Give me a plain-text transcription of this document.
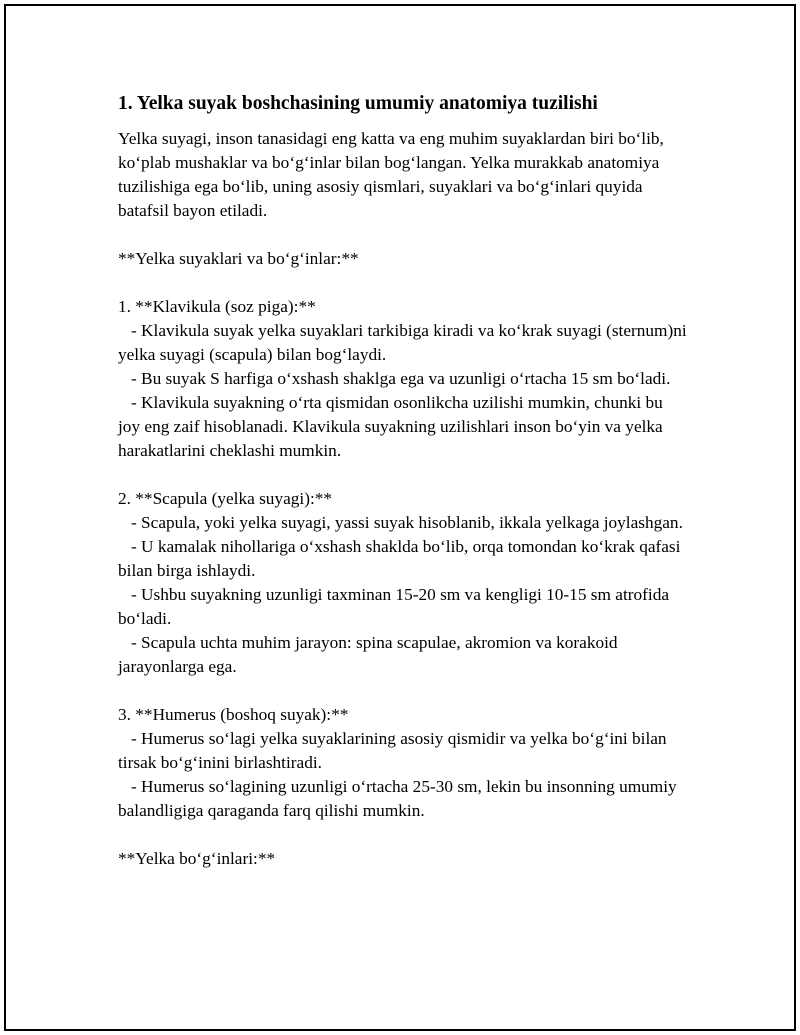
1. Yelka suyak boshchasining umumiy anatomiya tuzilishi

Yelka suyagi, inson tanasidagi eng katta va eng muhim suyaklardan biri bo‘lib, ko‘plab mushaklar va bo‘g‘inlar bilan bog‘langan. Yelka murakkab anatomiya tuzilishiga ega bo‘lib, uning asosiy qismlari, suyaklari va bo‘g‘inlari quyida batafsil bayon etiladi.

**Yelka suyaklari va bo‘g‘inlar:**

1. **Klavikula (soz piga):**

- Klavikula suyak yelka suyaklari tarkibiga kiradi va ko‘krak suyagi (sternum)ni yelka suyagi (scapula) bilan bog‘laydi.

- Bu suyak S harfiga o‘xshash shaklga ega va uzunligi o‘rtacha 15 sm bo‘ladi.

- Klavikula suyakning o‘rta qismidan osonlikcha uzilishi mumkin, chunki bu joy eng zaif hisoblanadi. Klavikula suyakning uzilishlari inson bo‘yin va yelka harakatlarini cheklashi mumkin.

2. **Scapula (yelka suyagi):**

- Scapula, yoki yelka suyagi, yassi suyak hisoblanib, ikkala yelkaga joylashgan.

- U kamalak nihollariga o‘xshash shaklda bo‘lib, orqa tomondan ko‘krak qafasi bilan birga ishlaydi.

- Ushbu suyakning uzunligi taxminan 15-20 sm va kengligi 10-15 sm atrofida bo‘ladi.

- Scapula uchta muhim jarayon: spina scapulae, akromion va korakoid jarayonlarga ega.

3. **Humerus (boshoq suyak):**

- Humerus so‘lagi yelka suyaklarining asosiy qismidir va yelka bo‘g‘ini bilan tirsak bo‘g‘inini birlashtiradi.

- Humerus so‘lagining uzunligi o‘rtacha 25-30 sm, lekin bu insonning umumiy balandligiga qaraganda farq qilishi mumkin.

**Yelka bo‘g‘inlari:**
